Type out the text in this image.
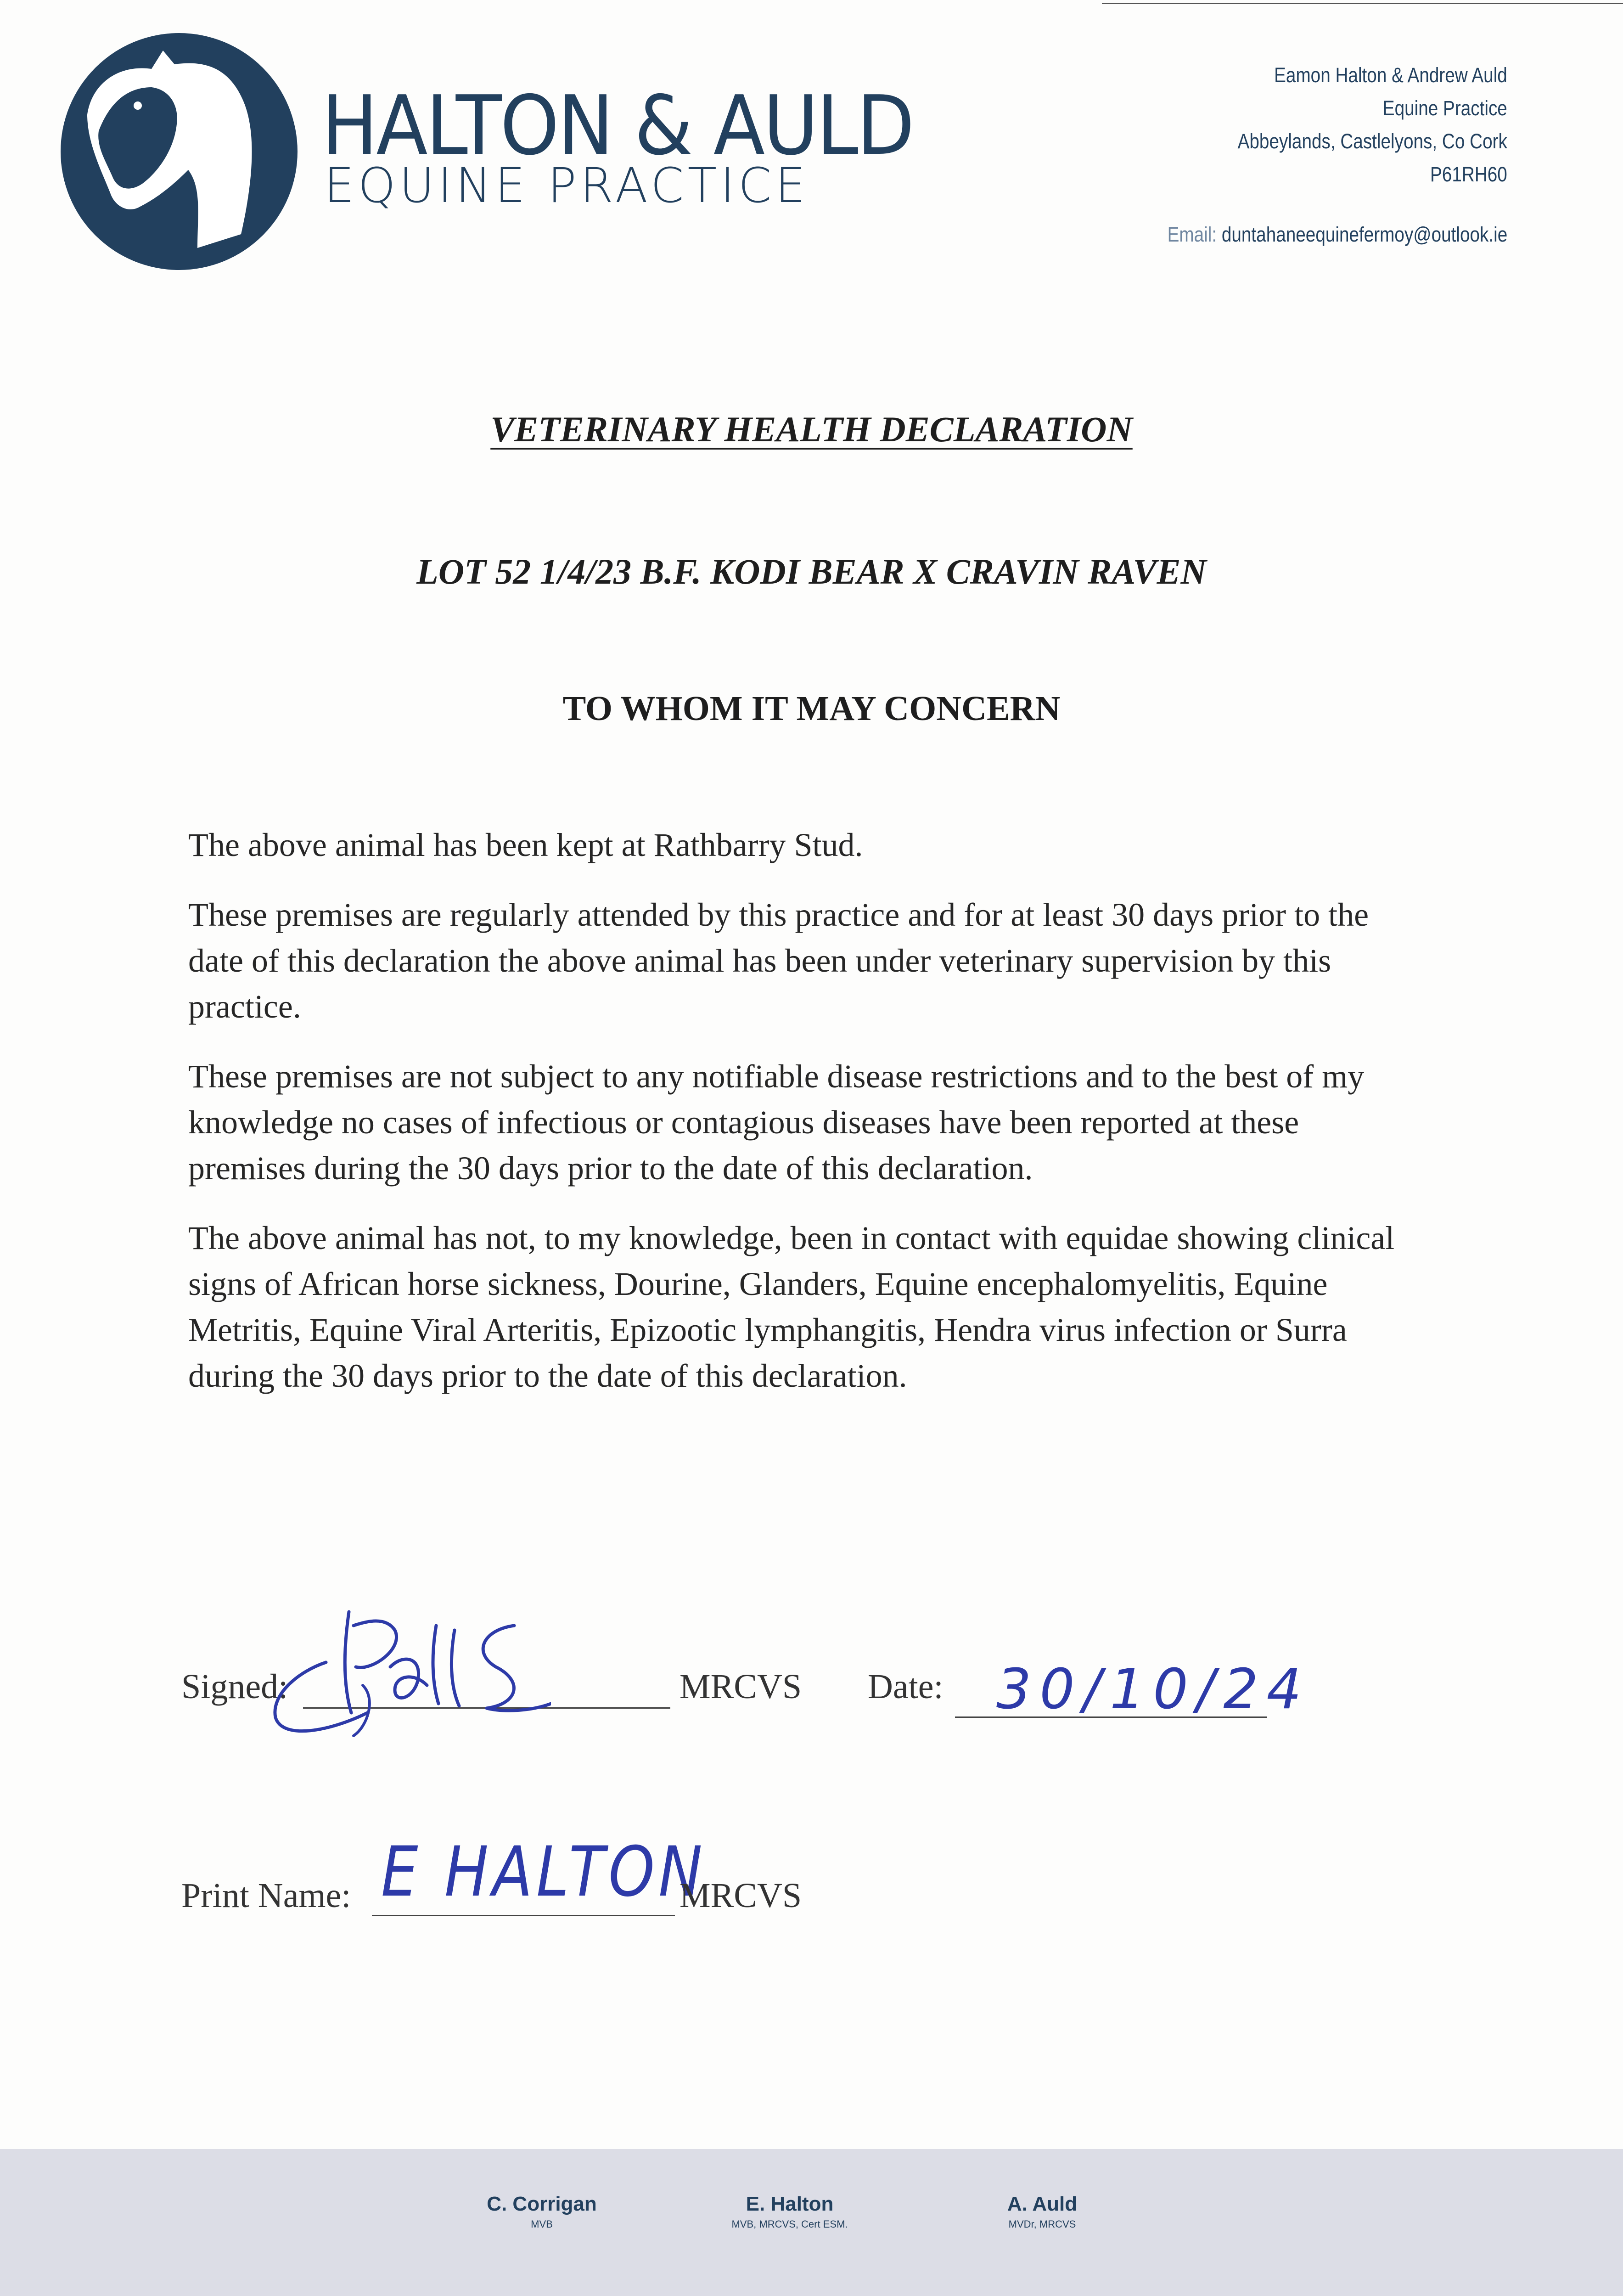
HALTON & AULD
EQUINE PRACTICE
Eamon Halton & Andrew Auld
Equine Practice
Abbeylands, Castlelyons, Co Cork
P61RH60
Email: duntahaneequinefermoy@outlook.ie
VETERINARY HEALTH DECLARATION
LOT 52 1/4/23 B.F. KODI BEAR X CRAVIN RAVEN
TO WHOM IT MAY CONCERN

The above animal has been kept at Rathbarry Stud.

These premises are regularly attended by this practice and for at least 30 days prior to the date of this declaration the above animal has been under veterinary supervision by this practice.

These premises are not subject to any notifiable disease restrictions and to the best of my knowledge no cases of infectious or contagious diseases have been reported at these premises during the 30 days prior to the date of this declaration.

The above animal has not, to my knowledge, been in contact with equidae showing clinical signs of African horse sickness, Dourine, Glanders, Equine encephalomyelitis, Equine Metritis, Equine Viral Arteritis, Epizootic lymphangitis, Hendra virus infection or Surra during the 30 days prior to the date of this declaration.

Signed:	MRCVS Date: 30/10/24
Print Name: E HALTON
MRCVS
C. Corrigan
MVB
E. Halton
MVB, MRCVS, Cert ESM.
A. Auld
MVDr, MRCVS
